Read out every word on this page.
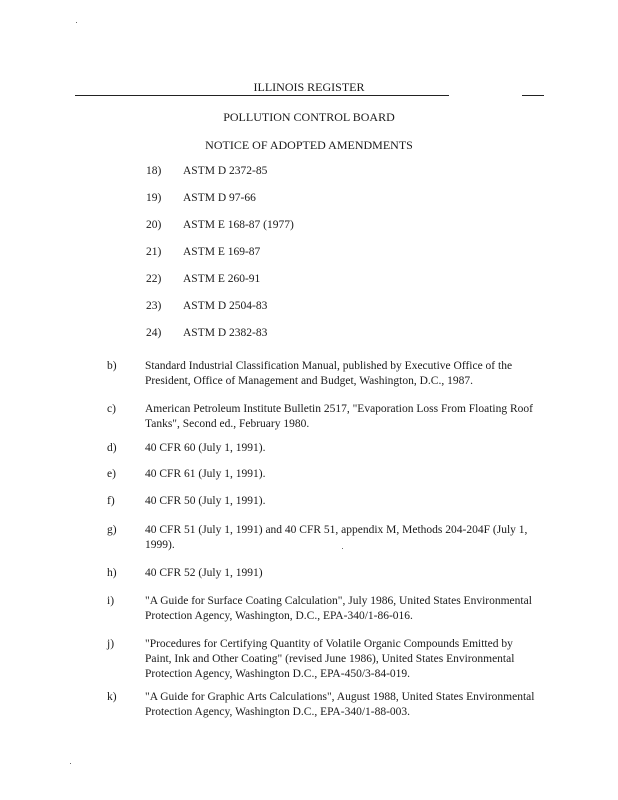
ILLINOIS REGISTER
POLLUTION CONTROL BOARD
NOTICE OF ADOPTED AMENDMENTS
18) ASTM D 2372-85
19) ASTM D 97-66
20) ASTM E 168-87 (1977)
21) ASTM E 169-87
22) ASTM E 260-91
23) ASTM D 2504-83
24) ASTM D 2382-83
b) Standard Industrial Classification Manual, published by Executive Office of the President, Office of Management and Budget, Washington, D.C., 1987.
c)	American Petroleum Institute Bulletin 2517, "Evaporation Loss From Floating Roof Tanks", Second ed., February 1980.
d) 40 CFR 60 (July 1, 1991).
e)	40 CFR 61 (July 1, 1991).
f)	40 CFR 50 (July 1, 1991).
g) 40 CFR 51 (July 1, 1991) and 40 CFR 51, appendix M, Methods 204-204F (July 1, 1999).
h) 40 CFR 52 (July 1, 1991)
i)	"A Guide for Surface Coating Calculation", July 1986, United States Environmental Protection Agency, Washington, D.C., EPA-340/1-86-016.
j)	"Procedures for Certifying Quantity of Volatile Organic Compounds Emitted by Paint, Ink and Other Coating" (revised June 1986), United States Environmental Protection Agency, Washington D.C., EPA-450/3-84-019.
k) "A Guide for Graphic Arts Calculations", August 1988, United States Environmental Protection Agency, Washington D.C., EPA-340/1-88-003.
